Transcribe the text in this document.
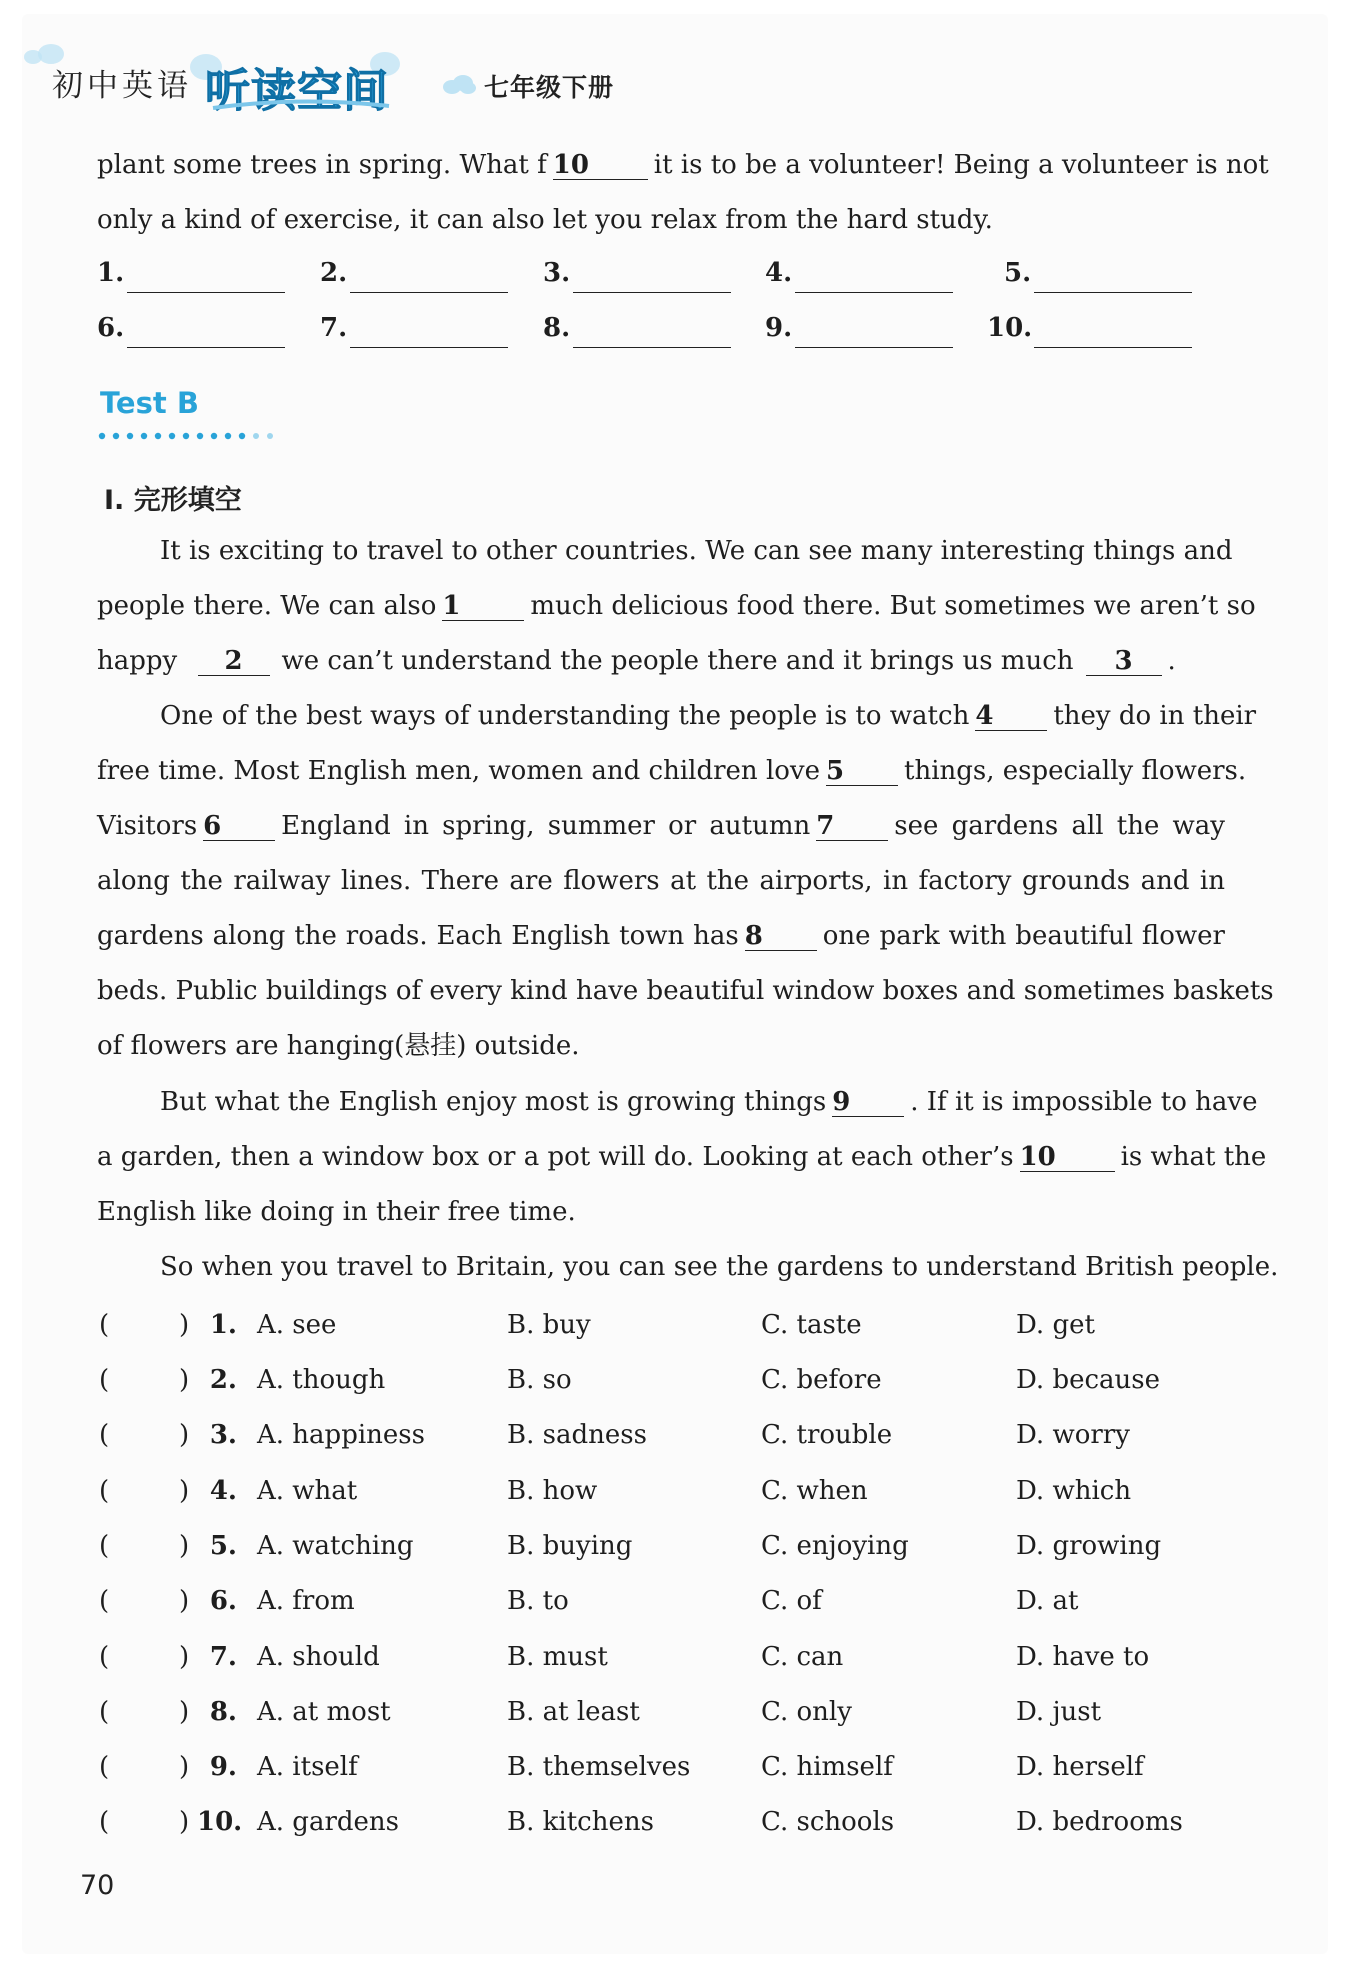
初中英语 听读空间	七年级下册
plant some trees in spring. What f 10 it is to be a volunteer! Being a volunteer is not
only a kind of exercise, it can also let you relax from the hard study.
1.	2.	3.	4.	5.
6.	7.	8.	9.	10.
Test B
Ⅰ. 完形填空
It is exciting to travel to other countries. We can see many interesting things and
people there. We can also 1	much delicious food there. But sometimes we aren’t so
happy 2 we can’t understand the people there and it brings us much 3 .
One of the best ways of understanding the people is to watch 4 they do in their
free time. Most English men, women and children love 5 things, especially flowers.
Visitors 6 England in spring, summer or autumn 7 see gardens all the way
along the railway lines. There are flowers at the airports, in factory grounds and in
gardens along the roads. Each English town has 8 one park with beautiful flower
beds. Public buildings of every kind have beautiful window boxes and sometimes baskets
of flowers are hanging(悬挂) outside.
But what the English enjoy most is growing things 9 . If it is impossible to have
a garden, then a window box or a pot will do. Looking at each other’s 10 is what the
English like doing in their free time.
So when you travel to Britain, you can see the gardens to understand British people.
(	) 1. A. see	B. buy	C. taste	D. get
(	) 2. A. though	B. so	C. before	D. because
(	) 3. A. happiness	B. sadness	C. trouble	D. worry
(	) 4. A. what	B. how	C. when	D. which
(	) 5. A. watching	B. buying	C. enjoying	D. growing
(	) 6. A. from	B. to	C. of	D. at
(	) 7. A. should	B. must	C. can	D. have to
(	) 8. A. at most	B. at least	C. only	D. just
(	) 9. A. itself	B. themselves	C. himself	D. herself
(	) 10. A. gardens	B. kitchens	C. schools	D. bedrooms
70
